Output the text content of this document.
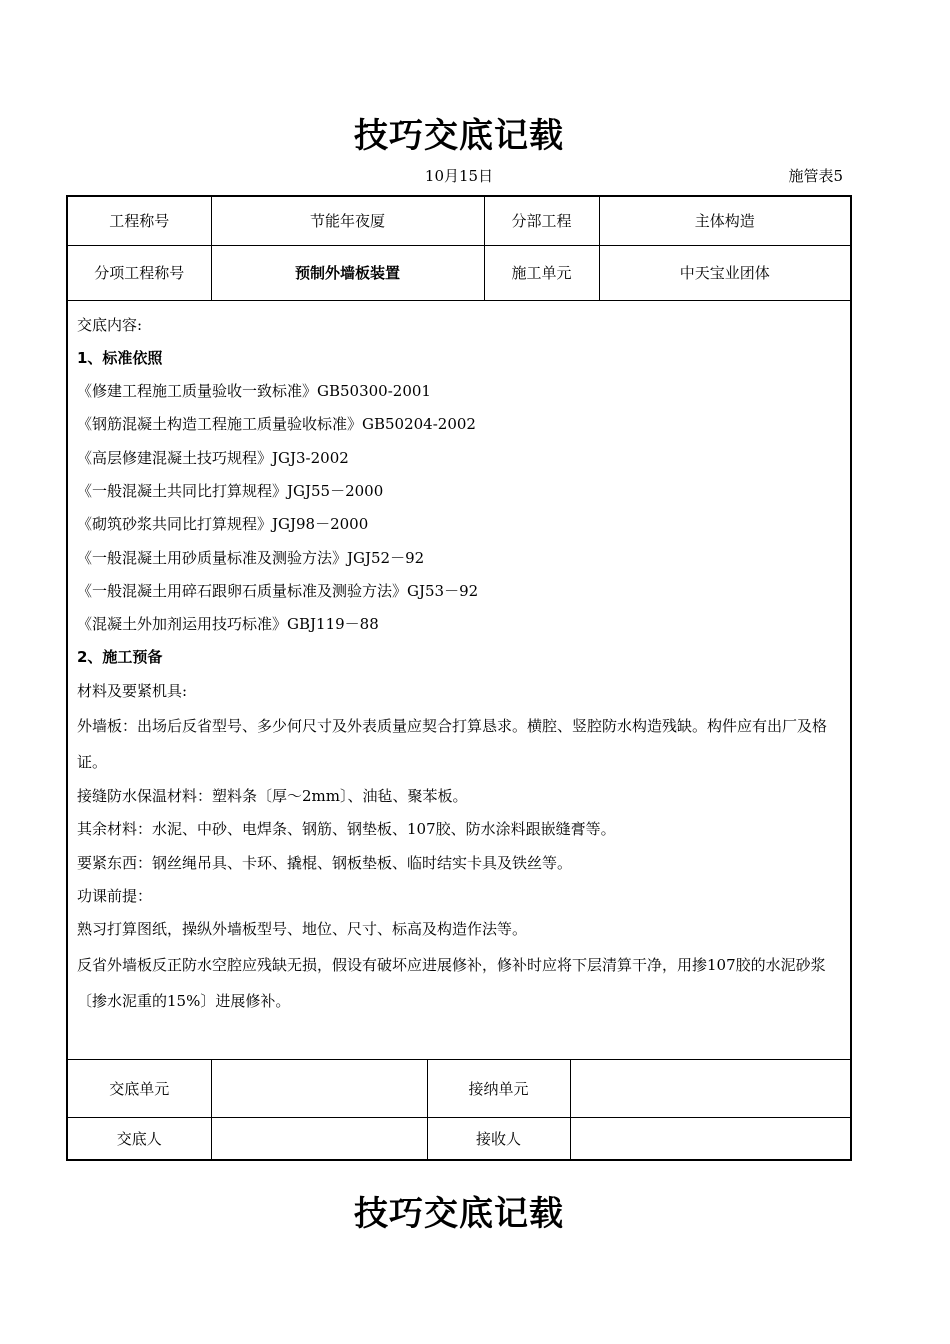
技巧交底记载
10月15日	施管表5
工程称号	节能年夜厦	分部工程	主体构造
分项工程称号	预制外墙板装置	施工单元	中天宝业团体

交底内容:

1、标准依照

《修建工程施工质量验收一致标准》GB50300-2001

《钢筋混凝土构造工程施工质量验收标准》GB50204-2002

《高层修建混凝土技巧规程》JGJ3-2002

《一般混凝土共同比打算规程》JGJ55－2000

《砌筑砂浆共同比打算规程》JGJ98－2000

《一般混凝土用砂质量标准及测验方法》JGJ52－92

《一般混凝土用碎石跟卵石质量标准及测验方法》GJ53－92

《混凝土外加剂运用技巧标准》GBJ119－88

2、施工预备

材料及要紧机具:

外墙板：出场后反省型号、多少何尺寸及外表质量应契合打算恳求。横腔、竖腔防水构造残缺。构件应有出厂及格证。

接缝防水保温材料：塑料条〔厚～2mm〕、油毡、聚苯板。

其余材料：水泥、中砂、电焊条、钢筋、钢垫板、107胶、防水涂料跟嵌缝膏等。

要紧东西：钢丝绳吊具、卡环、撬棍、钢板垫板、临时结实卡具及铁丝等。

功课前提：

熟习打算图纸，操纵外墙板型号、地位、尺寸、标高及构造作法等。

反省外墙板反正防水空腔应残缺无损，假设有破坏应进展修补，修补时应将下层清算干净，用掺107胶的水泥砂浆〔掺水泥重的15%〕进展修补。

交底单元		接纳单元	
交底人		接收人	
技巧交底记载
